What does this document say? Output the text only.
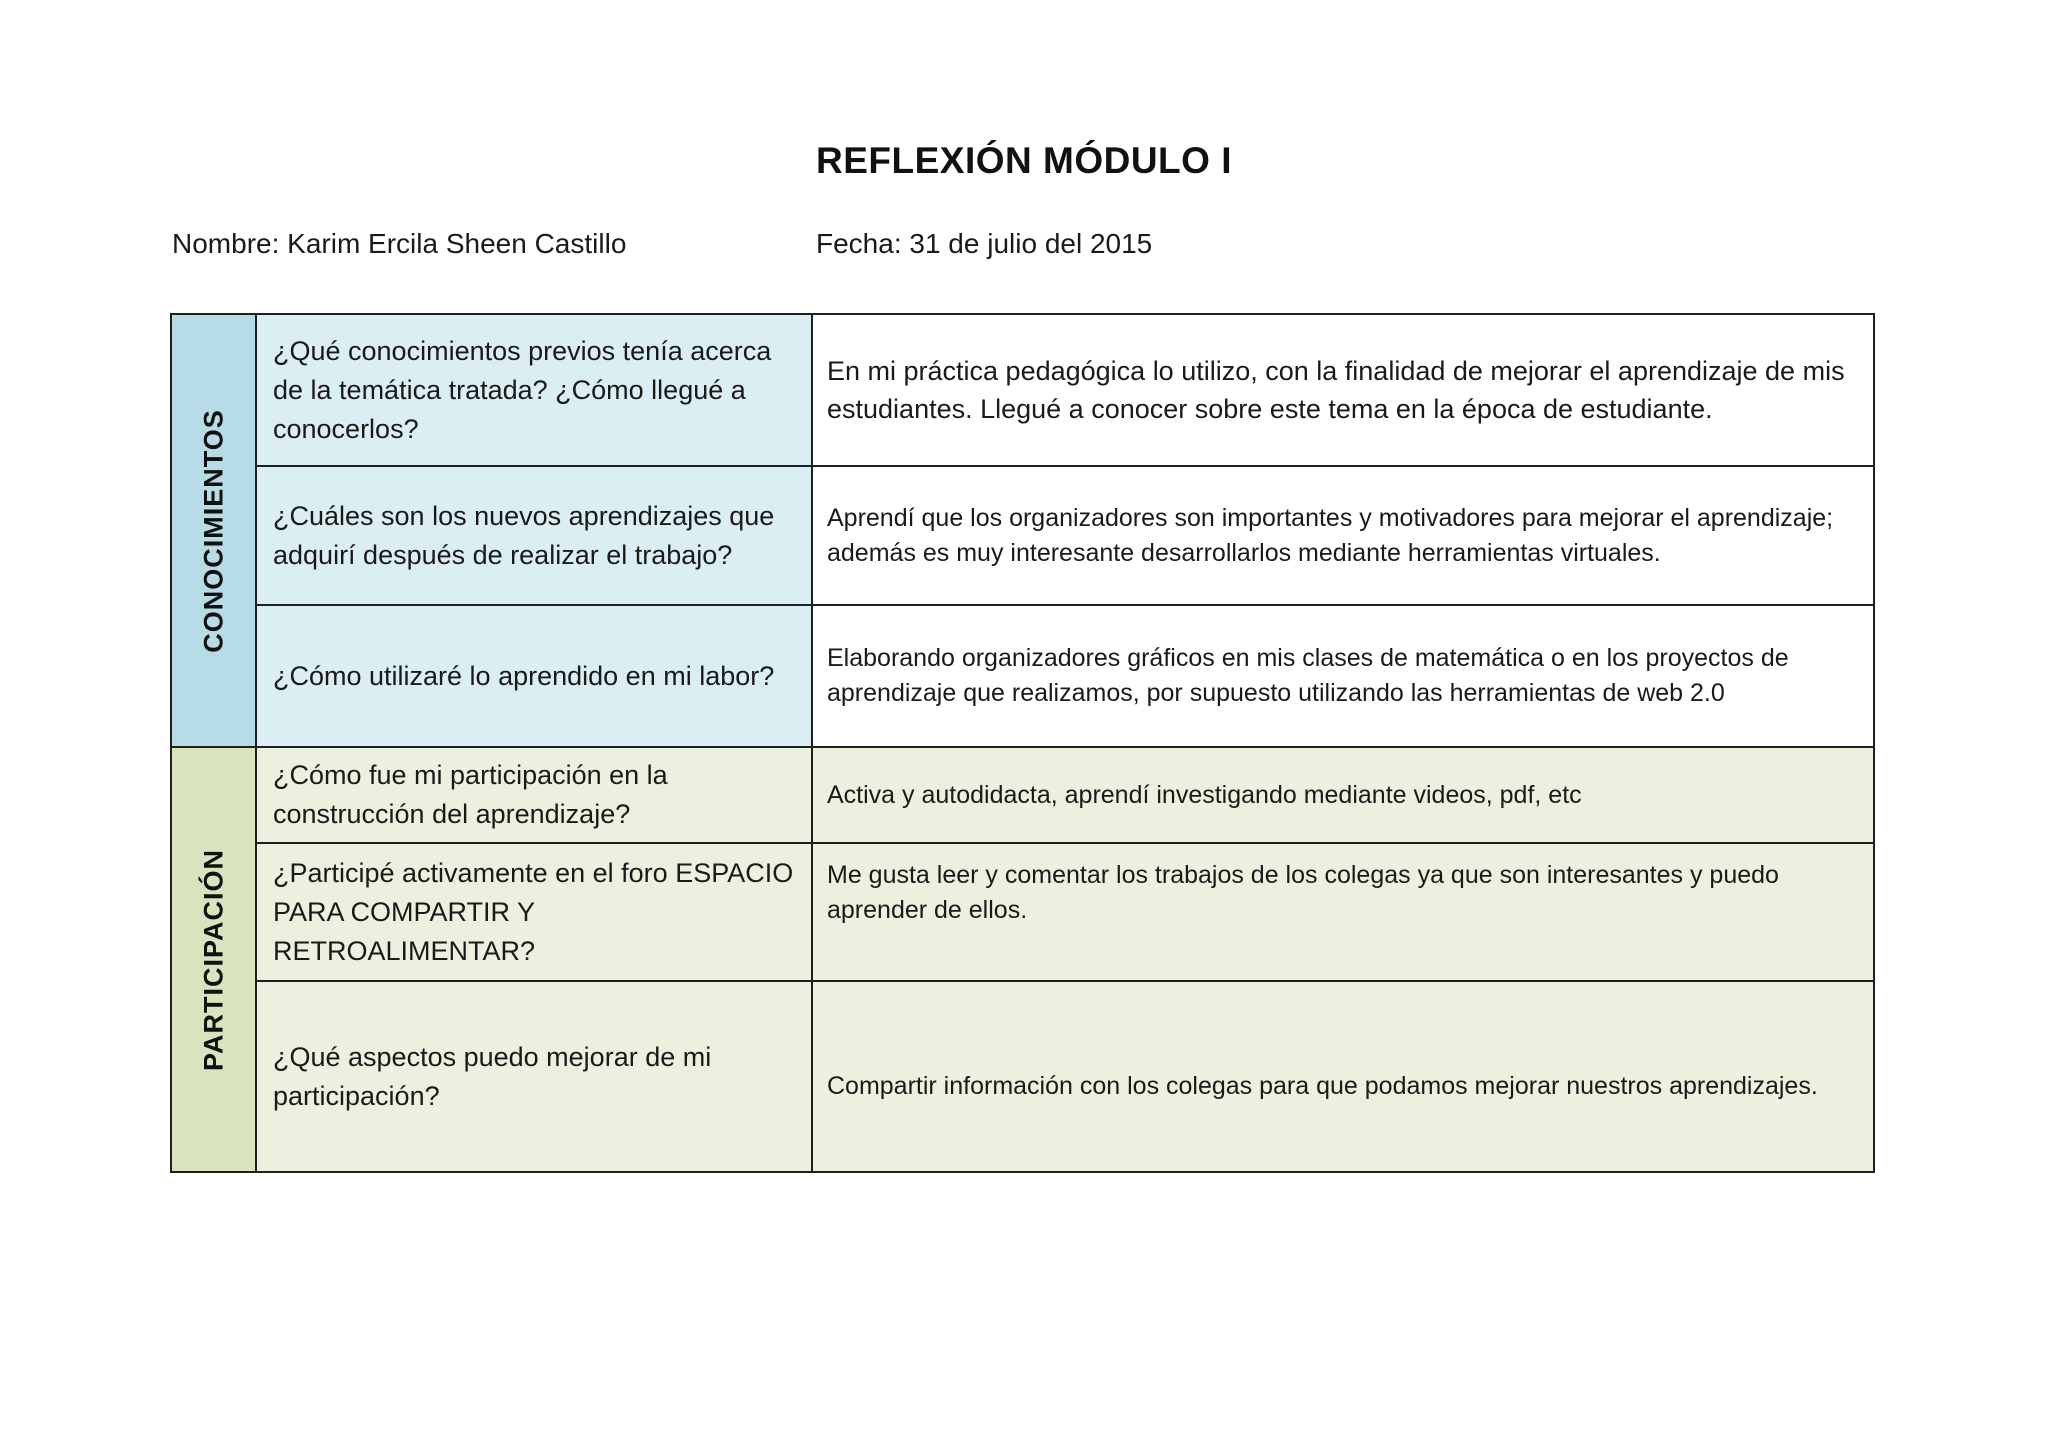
REFLEXIÓN MÓDULO I
Nombre: Karim Ercila Sheen Castillo	Fecha: 31 de julio del 2015
CONOCIMIENTOS	¿Qué conocimientos previos tenía acerca de la temática tratada? ¿Cómo llegué a conocerlos?	En mi práctica pedagógica lo utilizo, con la finalidad de mejorar el aprendizaje de mis estudiantes. Llegué a conocer sobre este tema en la época de estudiante.
	¿Cuáles son los nuevos aprendizajes que adquirí después de realizar el trabajo?	Aprendí que los organizadores son importantes y motivadores para mejorar el aprendizaje; además es muy interesante desarrollarlos mediante herramientas virtuales.
	¿Cómo utilizaré lo aprendido en mi labor?	Elaborando organizadores gráficos en mis clases de matemática o en los proyectos de aprendizaje que realizamos, por supuesto utilizando las herramientas de web 2.0

PARTICIPACIÓN	¿Cómo fue mi participación en la construcción del aprendizaje?	Activa y autodidacta, aprendí investigando mediante videos, pdf, etc
	¿Participé activamente en el foro ESPACIO PARA COMPARTIR Y RETROALIMENTAR?	Me gusta leer y comentar los trabajos de los colegas ya que son interesantes y puedo aprender de ellos.
	¿Qué aspectos puedo mejorar de mi participación?	Compartir información con los colegas para que podamos mejorar nuestros aprendizajes.
